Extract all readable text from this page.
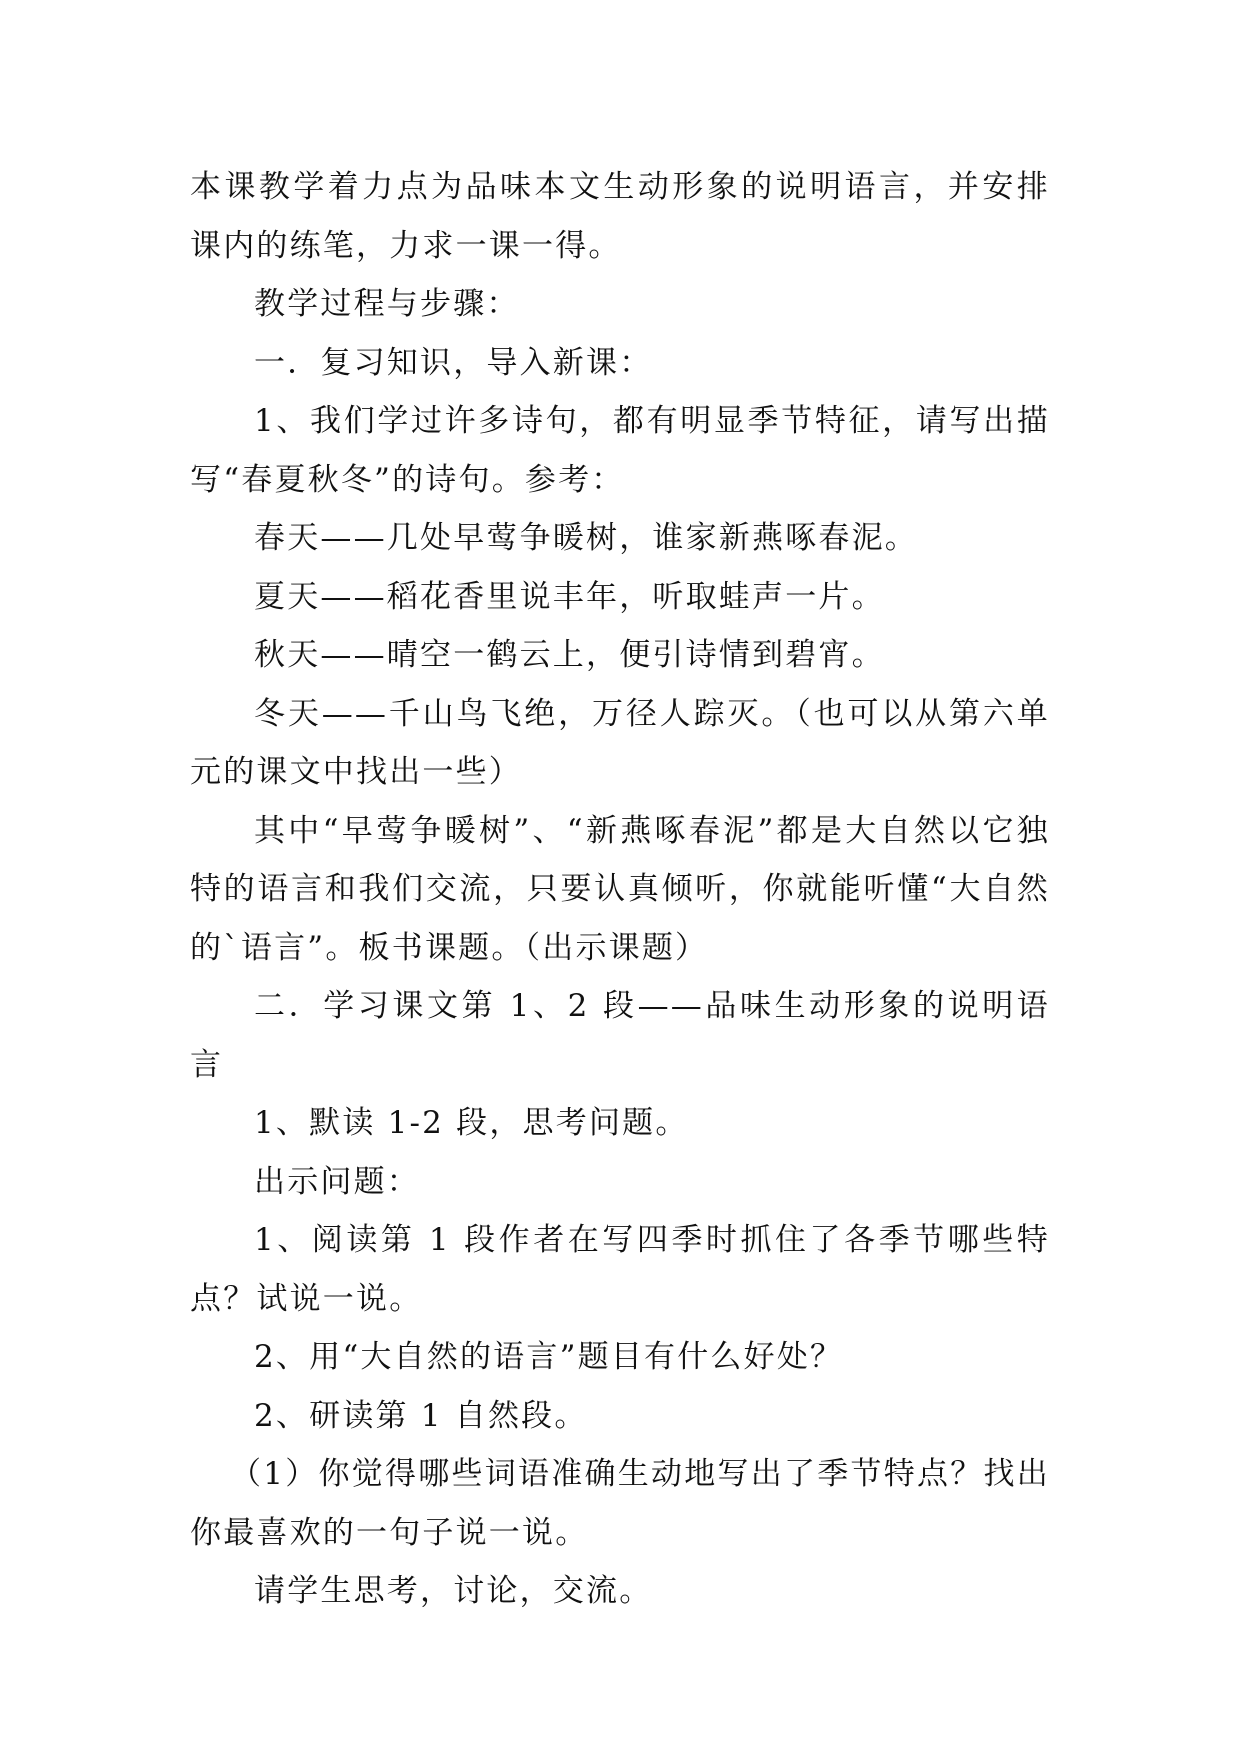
本课教学着力点为品味本文生动形象的说明语言，并安排课内的练笔，力求一课一得。

教学过程与步骤：

一．复习知识，导入新课：

1、我们学过许多诗句，都有明显季节特征，请写出描写“春夏秋冬”的诗句。参考：

春天——几处早莺争暖树，谁家新燕啄春泥。

夏天——稻花香里说丰年，听取蛙声一片。

秋天——晴空一鹤云上，便引诗情到碧宵。

冬天——千山鸟飞绝，万径人踪灭。（也可以从第六单元的课文中找出一些）

其中“早莺争暖树”、“新燕啄春泥”都是大自然以它独特的语言和我们交流，只要认真倾听，你就能听懂“大自然的`语言”。板书课题。（出示课题）

二．学习课文第 1、2 段——品味生动形象的说明语言

1、默读 1-2 段，思考问题。

出示问题：

1、阅读第 1 段作者在写四季时抓住了各季节哪些特点？试说一说。

2、用“大自然的语言”题目有什么好处？

2、研读第 1 自然段。

（1）你觉得哪些词语准确生动地写出了季节特点？找出你最喜欢的一句子说一说。

请学生思考，讨论，交流。
